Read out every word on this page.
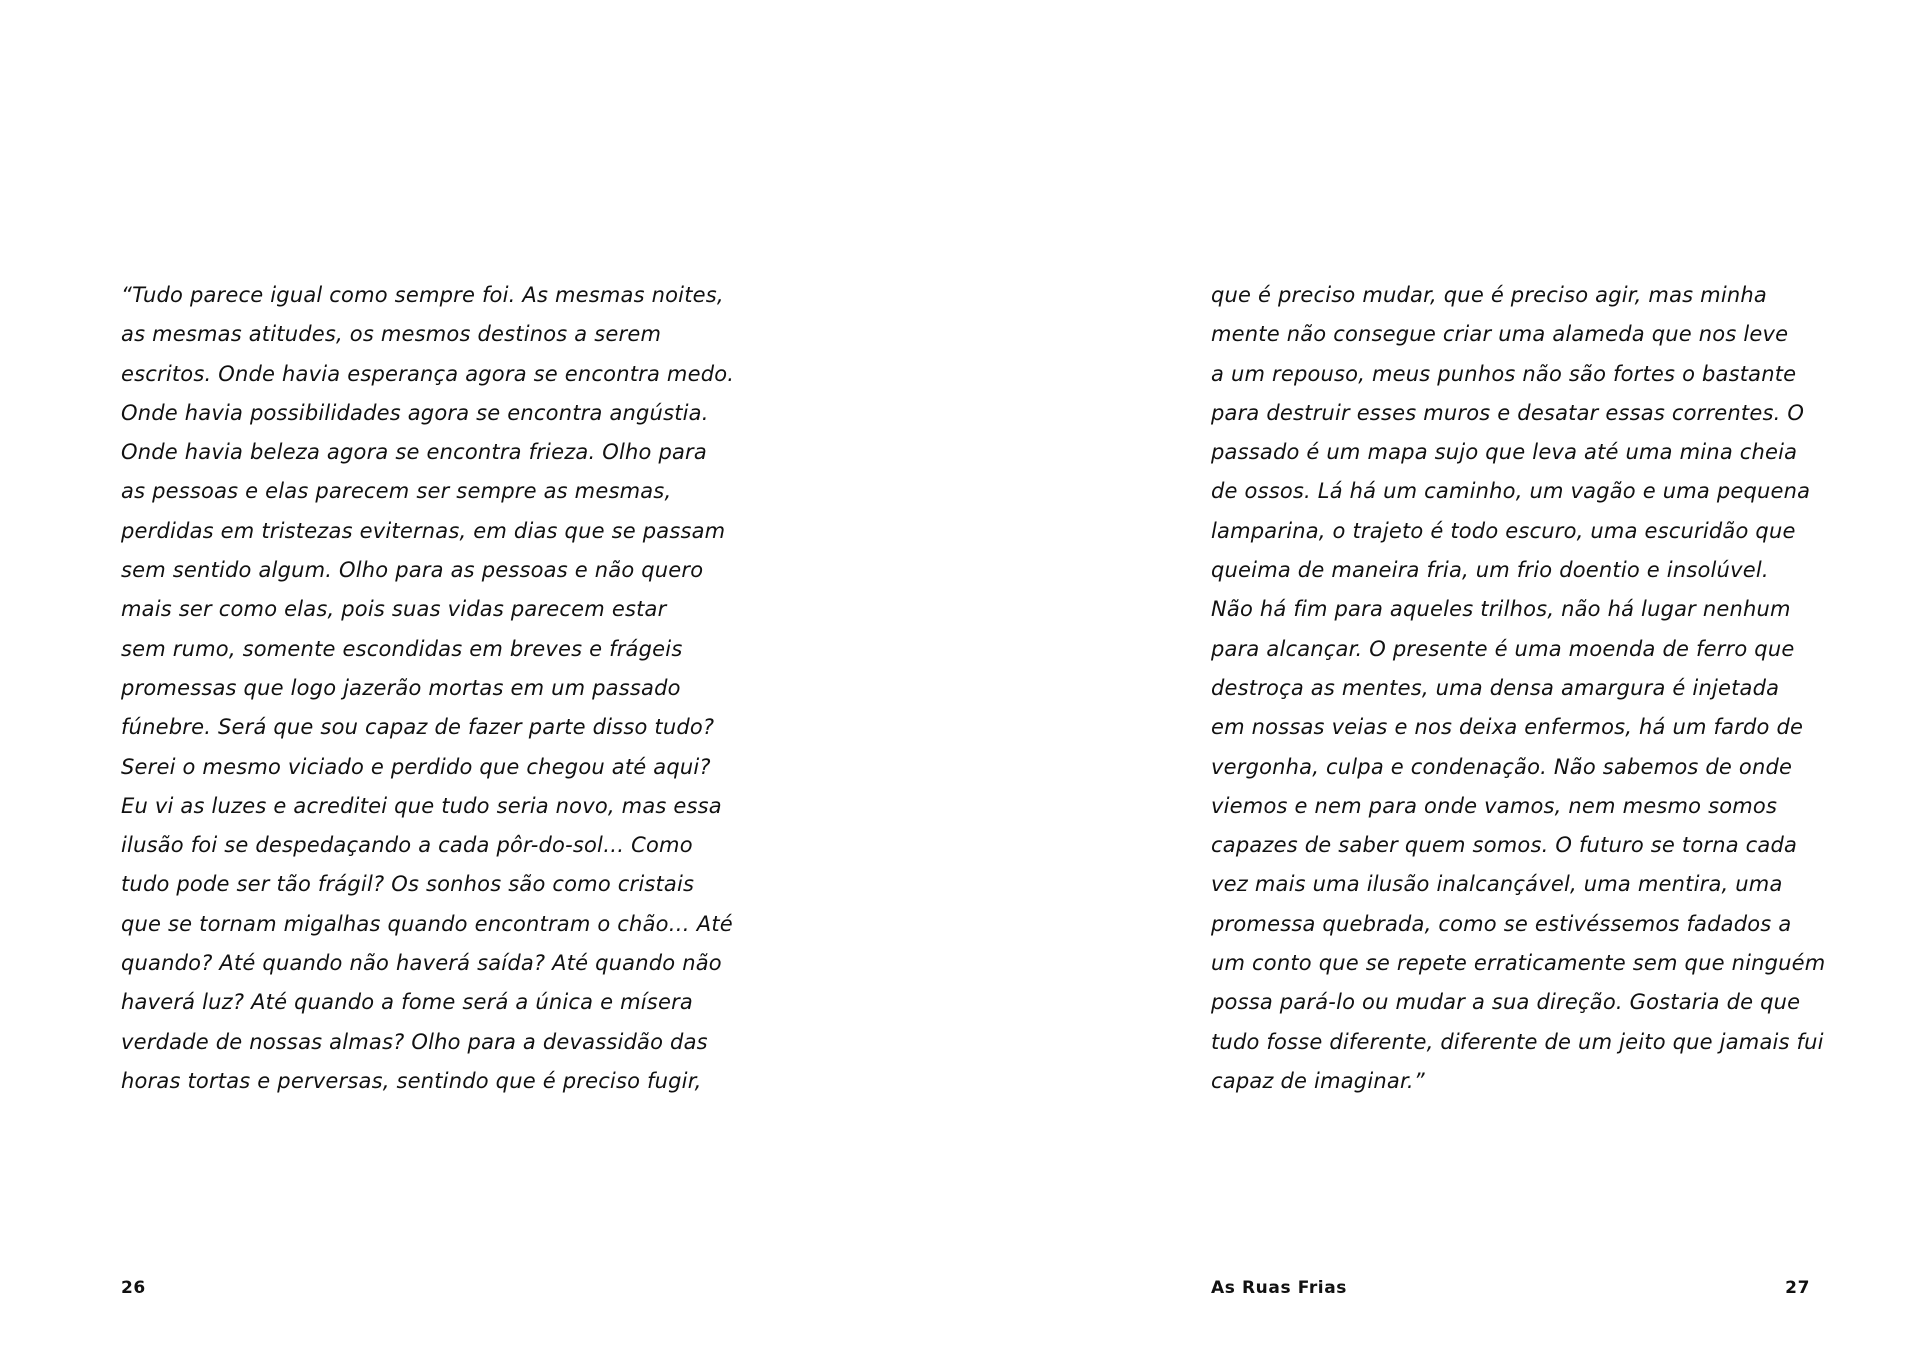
“Tudo parece igual como sempre foi. As mesmas noites,
as mesmas atitudes, os mesmos destinos a serem
escritos. Onde havia esperança agora se encontra medo.
Onde havia possibilidades agora se encontra angústia.
Onde havia beleza agora se encontra frieza. Olho para
as pessoas e elas parecem ser sempre as mesmas,
perdidas em tristezas eviternas, em dias que se passam
sem sentido algum. Olho para as pessoas e não quero
mais ser como elas, pois suas vidas parecem estar
sem rumo, somente escondidas em breves e frágeis
promessas que logo jazerão mortas em um passado
fúnebre. Será que sou capaz de fazer parte disso tudo?
Serei o mesmo viciado e perdido que chegou até aqui?
Eu vi as luzes e acreditei que tudo seria novo, mas essa
ilusão foi se despedaçando a cada pôr-do-sol… Como
tudo pode ser tão frágil? Os sonhos são como cristais
que se tornam migalhas quando encontram o chão… Até
quando? Até quando não haverá saída? Até quando não
haverá luz? Até quando a fome será a única e mísera
verdade de nossas almas? Olho para a devassidão das
horas tortas e perversas, sentindo que é preciso fugir,
26
que é preciso mudar, que é preciso agir, mas minha
mente não consegue criar uma alameda que nos leve
a um repouso, meus punhos não são fortes o bastante
para destruir esses muros e desatar essas correntes. O
passado é um mapa sujo que leva até uma mina cheia
de ossos. Lá há um caminho, um vagão e uma pequena
lamparina, o trajeto é todo escuro, uma escuridão que
queima de maneira fria, um frio doentio e insolúvel.
Não há fim para aqueles trilhos, não há lugar nenhum
para alcançar. O presente é uma moenda de ferro que
destroça as mentes, uma densa amargura é injetada
em nossas veias e nos deixa enfermos, há um fardo de
vergonha, culpa e condenação. Não sabemos de onde
viemos e nem para onde vamos, nem mesmo somos
capazes de saber quem somos. O futuro se torna cada
vez mais uma ilusão inalcançável, uma mentira, uma
promessa quebrada, como se estivéssemos fadados a
um conto que se repete erraticamente sem que ninguém
possa pará-lo ou mudar a sua direção. Gostaria de que
tudo fosse diferente, diferente de um jeito que jamais fui
capaz de imaginar.”
As Ruas Frias	27
